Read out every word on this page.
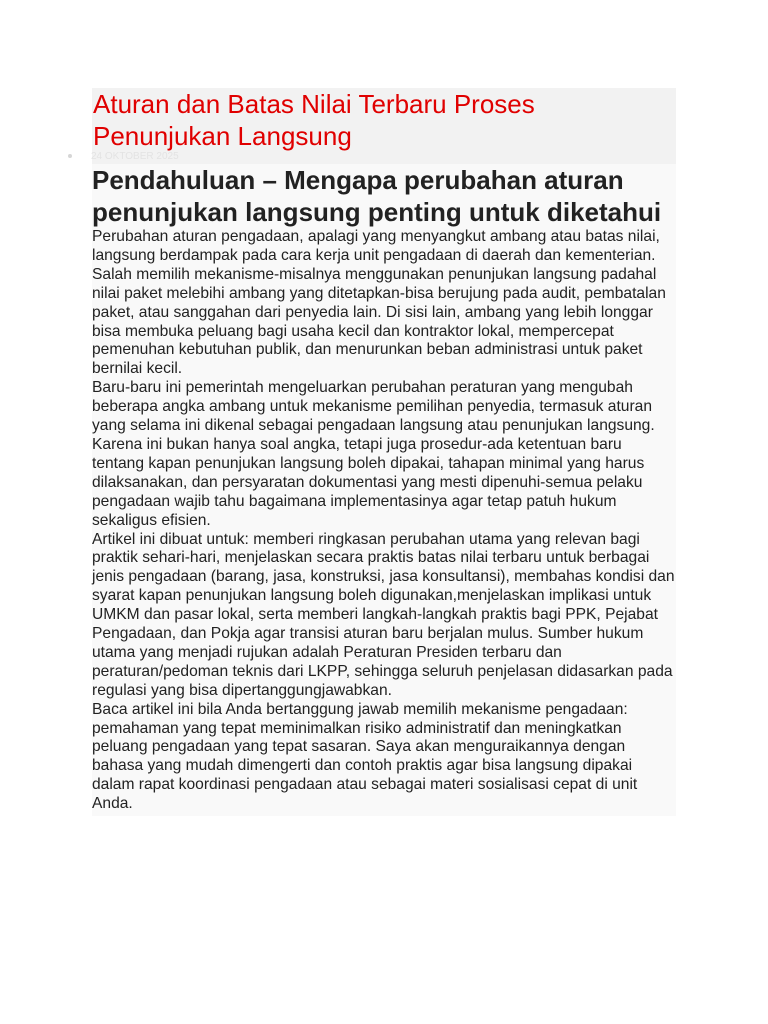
Aturan dan Batas Nilai Terbaru Proses Penunjukan Langsung
24 OKTOBER 2025
Pendahuluan – Mengapa perubahan aturan penunjukan langsung penting untuk diketahui

Perubahan aturan pengadaan, apalagi yang menyangkut ambang atau batas nilai, langsung berdampak pada cara kerja unit pengadaan di daerah dan kementerian. Salah memilih mekanisme-misalnya menggunakan penunjukan langsung padahal nilai paket melebihi ambang yang ditetapkan-bisa berujung pada audit, pembatalan paket, atau sanggahan dari penyedia lain. Di sisi lain, ambang yang lebih longgar bisa membuka peluang bagi usaha kecil dan kontraktor lokal, mempercepat pemenuhan kebutuhan publik, dan menurunkan beban administrasi untuk paket bernilai kecil.

Baru-baru ini pemerintah mengeluarkan perubahan peraturan yang mengubah beberapa angka ambang untuk mekanisme pemilihan penyedia, termasuk aturan yang selama ini dikenal sebagai pengadaan langsung atau penunjukan langsung. Karena ini bukan hanya soal angka, tetapi juga prosedur-ada ketentuan baru tentang kapan penunjukan langsung boleh dipakai, tahapan minimal yang harus dilaksanakan, dan persyaratan dokumentasi yang mesti dipenuhi-semua pelaku pengadaan wajib tahu bagaimana implementasinya agar tetap patuh hukum sekaligus efisien.

Artikel ini dibuat untuk: memberi ringkasan perubahan utama yang relevan bagi praktik sehari-hari, menjelaskan secara praktis batas nilai terbaru untuk berbagai jenis pengadaan (barang, jasa, konstruksi, jasa konsultansi), membahas kondisi dan syarat kapan penunjukan langsung boleh digunakan,menjelaskan implikasi untuk UMKM dan pasar lokal, serta memberi langkah-langkah praktis bagi PPK, Pejabat Pengadaan, dan Pokja agar transisi aturan baru berjalan mulus. Sumber hukum utama yang menjadi rujukan adalah Peraturan Presiden terbaru dan peraturan/pedoman teknis dari LKPP, sehingga seluruh penjelasan didasarkan pada regulasi yang bisa dipertanggungjawabkan.

Baca artikel ini bila Anda bertanggung jawab memilih mekanisme pengadaan: pemahaman yang tepat meminimalkan risiko administratif dan meningkatkan peluang pengadaan yang tepat sasaran. Saya akan menguraikannya dengan bahasa yang mudah dimengerti dan contoh praktis agar bisa langsung dipakai dalam rapat koordinasi pengadaan atau sebagai materi sosialisasi cepat di unit Anda.
